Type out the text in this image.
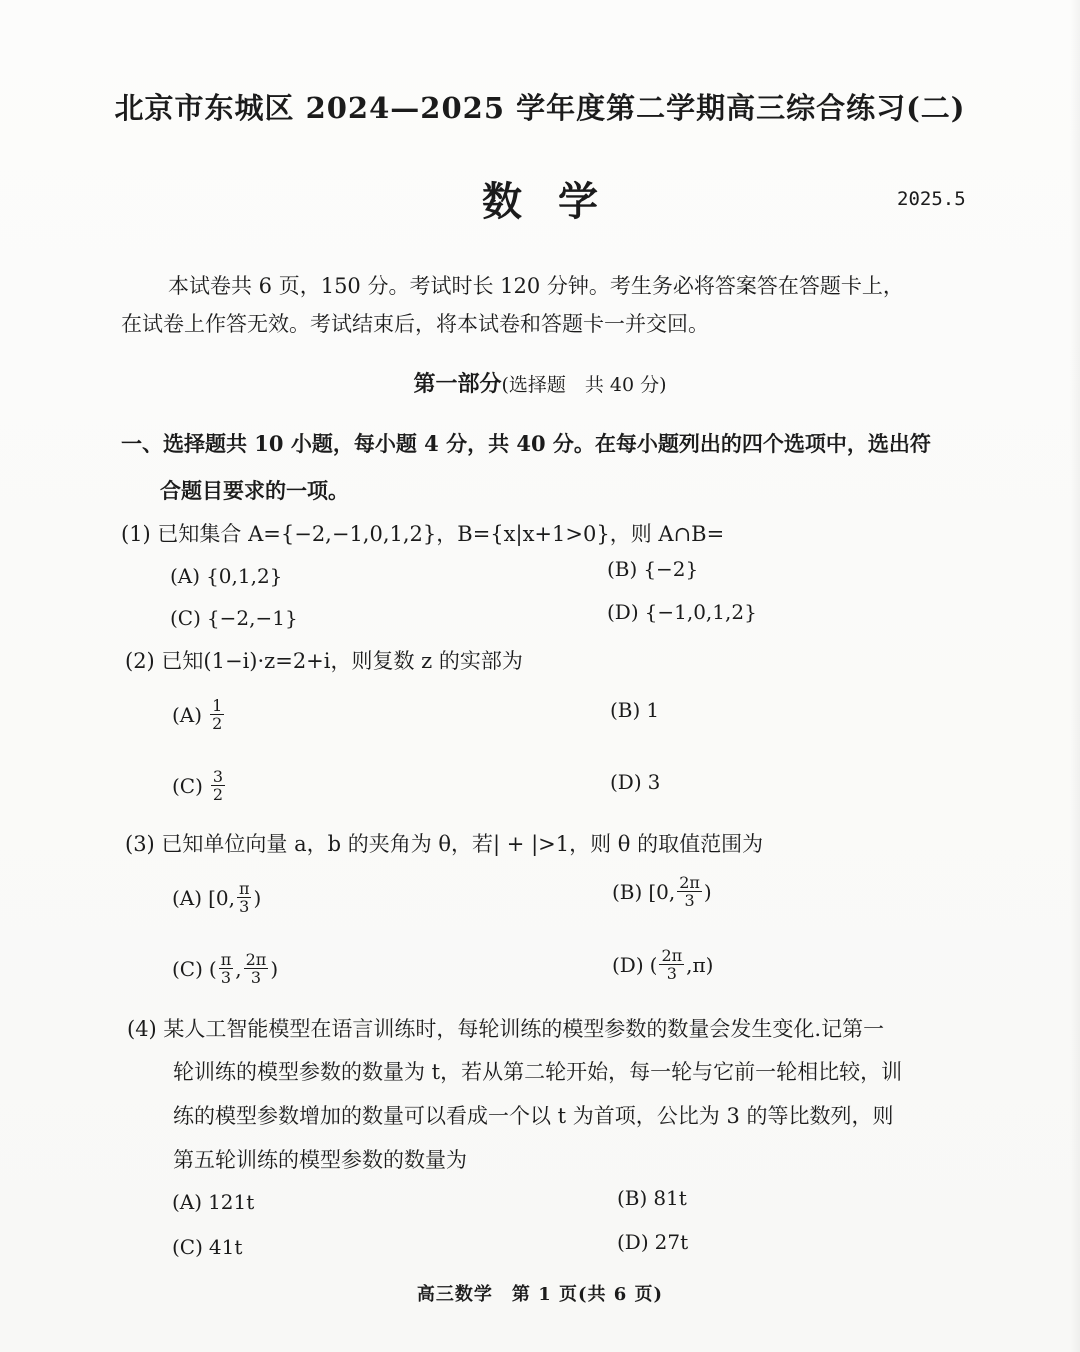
北京市东城区 2024—2025 学年度第二学期高三综合练习(二)
数学	2025.5
本试卷共 6 页，150 分。考试时长 120 分钟。考生务必将答案答在答题卡上，
在试卷上作答无效。考试结束后，将本试卷和答题卡一并交回。
第一部分(选择题　共 40 分)
一、选择题共 10 小题，每小题 4 分，共 40 分。在每小题列出的四个选项中，选出符
合题目要求的一项。
(1) 已知集合 A={−2,−1,0,1,2}，B={x|x+1>0}，则 A∩B=
(A) {0,1,2}	(B) {−2}
(C) {−2,−1}	(D) {−1,0,1,2}
(2) 已知(1−i)·z=2+i，则复数 z 的实部为
$(A) \frac{1}{2}$	(B) 1
$(C) \frac{3}{2}$	(D) 3
(3) 已知单位向量 a，b 的夹角为 θ，若| + |>1，则 θ 的取值范围为
(A) [0, $\frac{\pi}{3}$ )	(B) [0, $\frac{2\pi}{3}$ )
(C) ( $\frac{\pi}{3}$ , $\frac{2\pi}{3}$ )	(D) ( $\frac{2\pi}{3} ,\pi$)
(4) 某人工智能模型在语言训练时，每轮训练的模型参数的数量会发生变化.记第一
轮训练的模型参数的数量为 t，若从第二轮开始，每一轮与它前一轮相比较，训
练的模型参数增加的数量可以看成一个以 t 为首项，公比为 3 的等比数列，则
第五轮训练的模型参数的数量为
(A) 121t	(B) 81t
(C) 41t	(D) 27t
高三数学　第 1 页(共 6 页)
